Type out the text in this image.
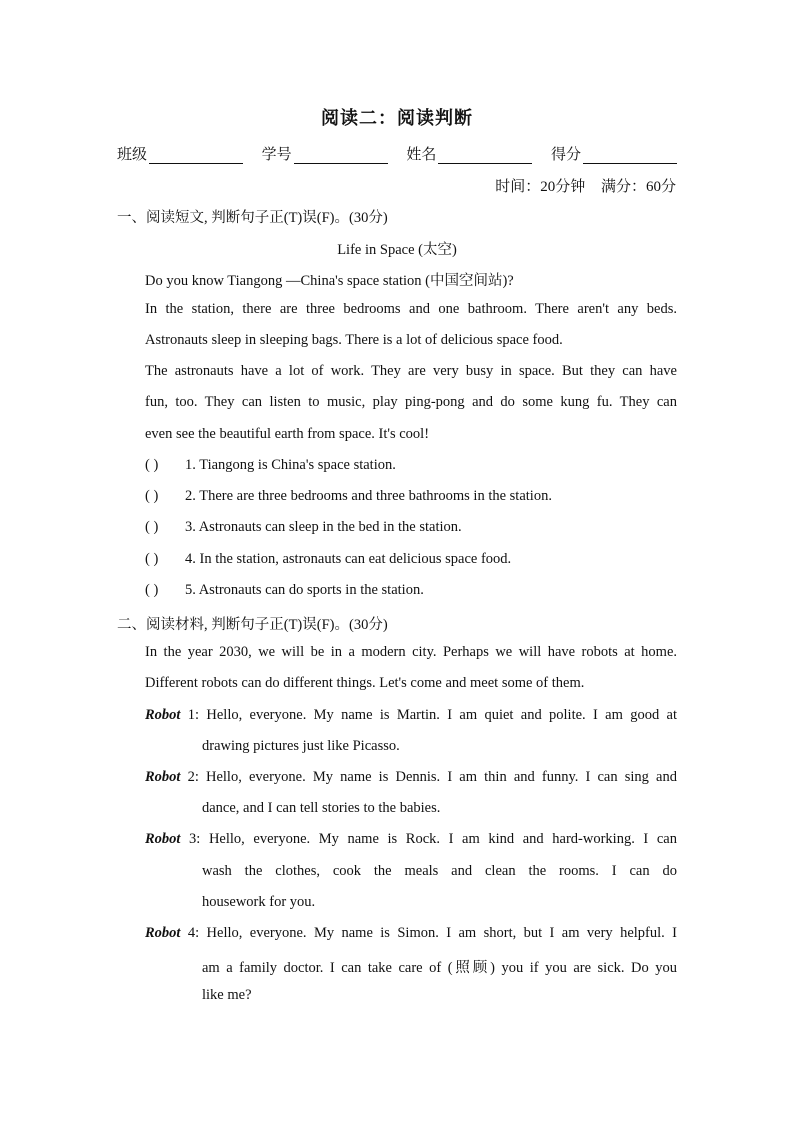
阅读二：阅读判断
班级	学号	姓名	得分
时间：20分钟 满分：60分
一、阅读短文, 判断句子正(T)误(F)。(30分)
Life in Space (太空)
Do you know Tiangong —China's space station (中国空间站)?
In the station, there are three bedrooms and one bathroom. There aren't any beds.
Astronauts sleep in sleeping bags. There is a lot of delicious space food.
The astronauts have a lot of work. They are very busy in space. But they can have
fun, too. They can listen to music, play ping-pong and do some kung fu. They can
even see the beautiful earth from space. It's cool!
( ) 1. Tiangong is China's space station.
( ) 2. There are three bedrooms and three bathrooms in the station.
( ) 3. Astronauts can sleep in the bed in the station.
( ) 4. In the station, astronauts can eat delicious space food.
( ) 5. Astronauts can do sports in the station.
二、阅读材料, 判断句子正(T)误(F)。(30分)
In the year 2030, we will be in a modern city. Perhaps we will have robots at home.
Different robots can do different things. Let's come and meet some of them.
Robot 1: Hello, everyone. My name is Martin. I am quiet and polite. I am good at
drawing pictures just like Picasso.
Robot 2: Hello, everyone. My name is Dennis. I am thin and funny. I can sing and
dance, and I can tell stories to the babies.
Robot 3: Hello, everyone. My name is Rock. I am kind and hard-working. I can
wash the clothes, cook the meals and clean the rooms. I can do
housework for you.
Robot 4: Hello, everyone. My name is Simon. I am short, but I am very helpful. I
am a family doctor. I can take care of (照顾) you if you are sick. Do you
like me?
